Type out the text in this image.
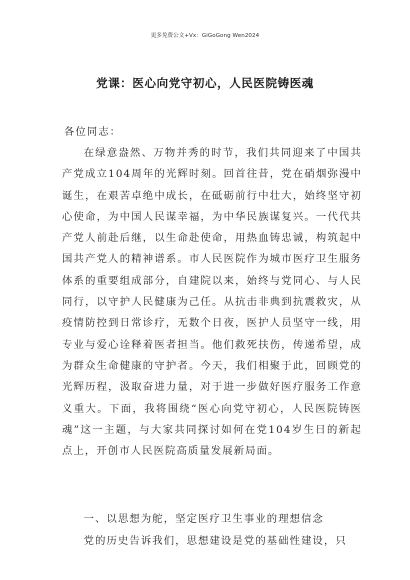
更多免费公文+Vx：GiGoGong Wen2024
党课：医心向党守初心，人民医院铸医魂
各位同志：
在绿意盎然、万物并秀的时节，我们共同迎来了中国共产党成立104周年的光辉时刻。回首往昔，党在硝烟弥漫中诞生，在艰苦卓绝中成长，在砥砺前行中壮大，始终坚守初心使命，为中国人民谋幸福，为中华民族谋复兴。一代代共产党人前赴后继，以生命赴使命，用热血铸忠诚，构筑起中国共产党人的精神谱系。市人民医院作为城市医疗卫生服务体系的重要组成部分，自建院以来，始终与党同心、与人民同行，以守护人民健康为己任。从抗击非典到抗震救灾，从疫情防控到日常诊疗，无数个日夜，医护人员坚守一线，用专业与爱心诠释着医者担当。他们救死扶伤，传递希望，成为群众生命健康的守护者。今天，我们相聚于此，回顾党的光辉历程，汲取奋进力量，对于进一步做好医疗服务工作意义重大。下面，我将围绕“医心向党守初心，人民医院铸医魂”这一主题，与大家共同探讨如何在党104岁生日的新起点上，开创市人民医院高质量发展新局面。
一、以思想为舵，坚定医疗卫生事业的理想信念
党的历史告诉我们，思想建设是党的基础性建设，只
